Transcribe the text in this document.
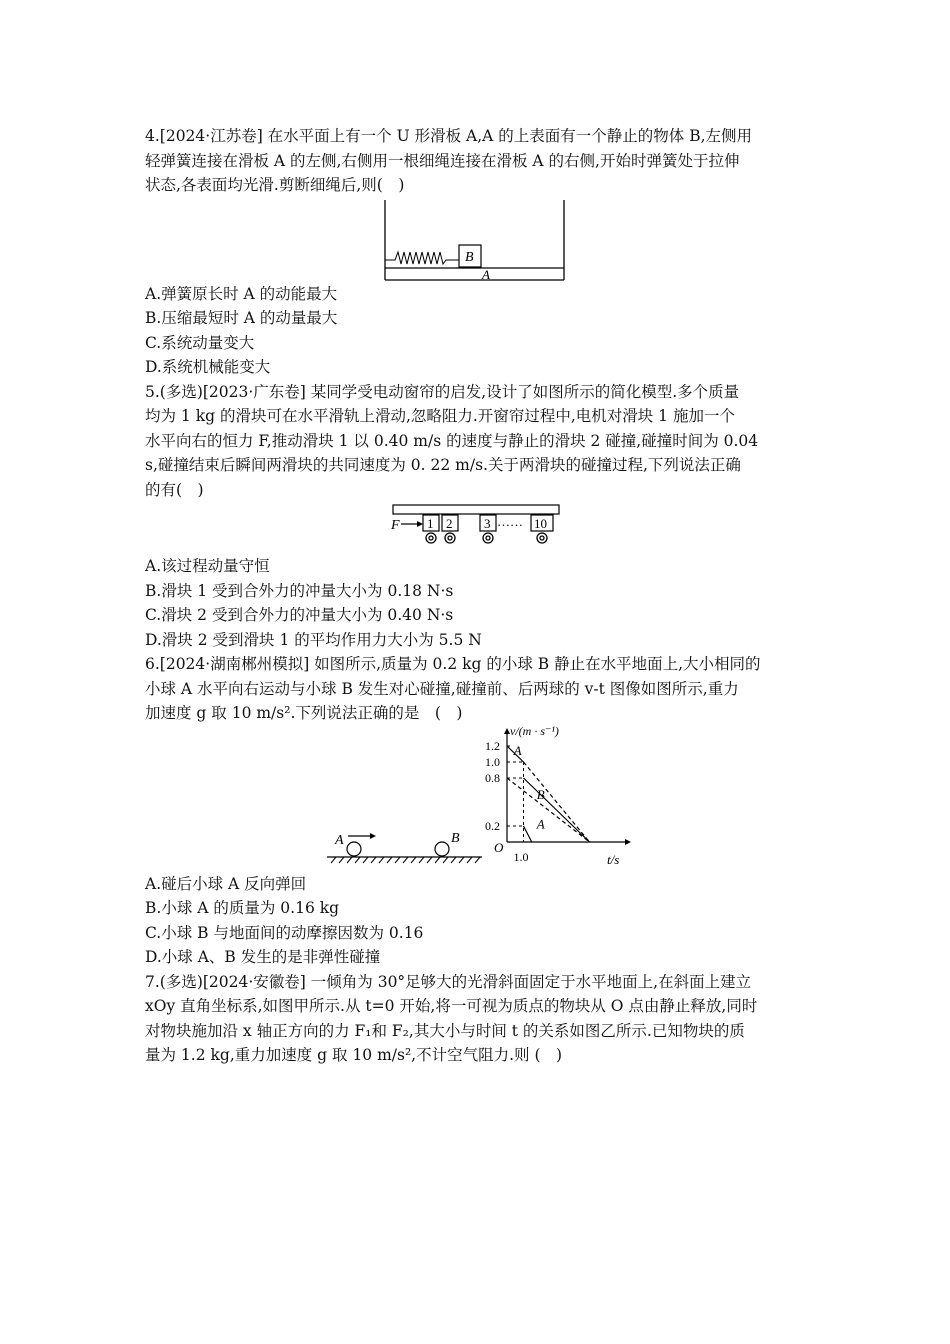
4.[2024·江苏卷] 在水平面上有一个 U 形滑板 A,A 的上表面有一个静止的物体 B,左侧用

轻弹簧连接在滑板 A 的左侧,右侧用一根细绳连接在滑板 A 的右侧,开始时弹簧处于拉伸

状态,各表面均光滑.剪断细绳后,则(　)

B
A

A.弹簧原长时 A 的动能最大

B.压缩最短时 A 的动量最大

C.系统动量变大

D.系统机械能变大

5.(多选)[2023·广东卷] 某同学受电动窗帘的启发,设计了如图所示的简化模型.多个质量

均为 1 kg 的滑块可在水平滑轨上滑动,忽略阻力.开窗帘过程中,电机对滑块 1 施加一个

水平向右的恒力 F,推动滑块 1 以 0.40 m/s 的速度与静止的滑块 2 碰撞,碰撞时间为 0.04

s,碰撞结束后瞬间两滑块的共同速度为 0. 22 m/s.关于两滑块的碰撞过程,下列说法正确

的有(　)

F 1 2 3 …… 10

A.该过程动量守恒

B.滑块 1 受到合外力的冲量大小为 0.18 N·s

C.滑块 2 受到合外力的冲量大小为 0.40 N·s

D.滑块 2 受到滑块 1 的平均作用力大小为 5.5 N

6.[2024·湖南郴州模拟] 如图所示,质量为 0.2 kg 的小球 B 静止在水平地面上,大小相同的

小球 A 水平向右运动与小球 B 发生对心碰撞,碰撞前、后两球的 v-t 图像如图所示,重力

加速度 g 取 10 m/s².下列说法正确的是　(　)

A	B
v/(m · s⁻¹)
t/s
O
1.2
1.0
0.8
0.2
1.0
A
B
A

A.碰后小球 A 反向弹回

B.小球 A 的质量为 0.16 kg

C.小球 B 与地面间的动摩擦因数为 0.16

D.小球 A、B 发生的是非弹性碰撞

7.(多选)[2024·安徽卷] 一倾角为 30°足够大的光滑斜面固定于水平地面上,在斜面上建立

xOy 直角坐标系,如图甲所示.从 t=0 开始,将一可视为质点的物块从 O 点由静止释放,同时

对物块施加沿 x 轴正方向的力 F₁和 F₂,其大小与时间 t 的关系如图乙所示.已知物块的质

量为 1.2 kg,重力加速度 g 取 10 m/s²,不计空气阻力.则 (　)
